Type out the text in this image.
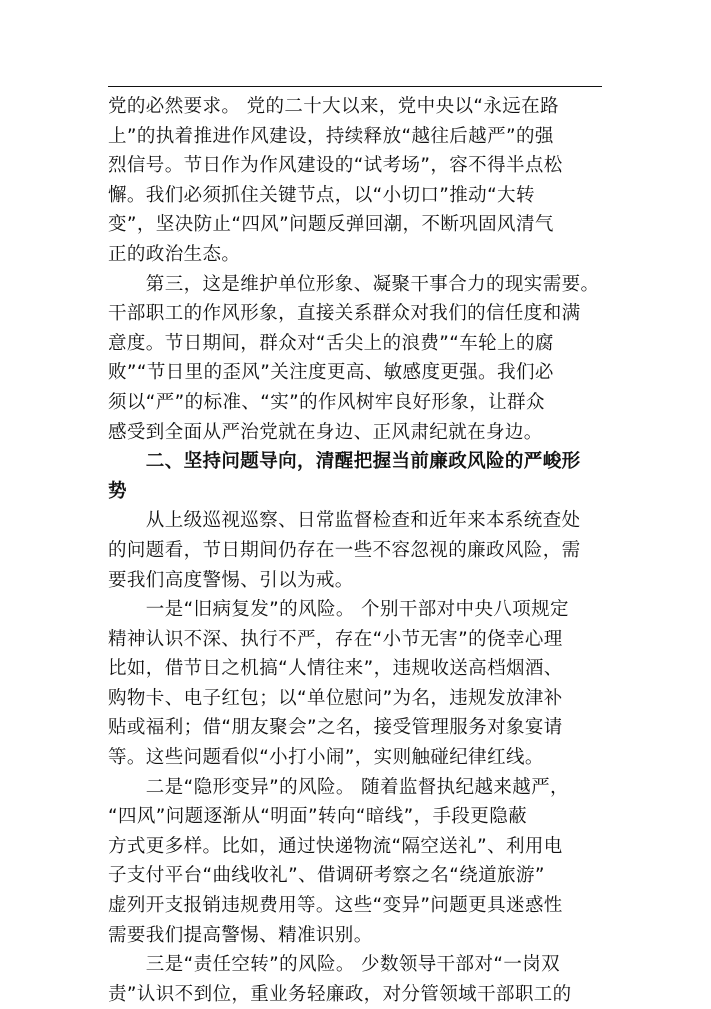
党的必然要求。 党的二十大以来，党中央以“永远在路
上”的执着推进作风建设，持续释放“越往后越严”的强
烈信号。节日作为作风建设的“试考场”，容不得半点松
懈。我们必须抓住关键节点，以“小切口”推动“大转
变”，坚决防止“四风”问题反弹回潮，不断巩固风清气
正的政治生态。
　　第三，这是维护单位形象、凝聚干事合力的现实需要。
干部职工的作风形象，直接关系群众对我们的信任度和满
意度。节日期间，群众对“舌尖上的浪费”“车轮上的腐
败”“节日里的歪风”关注度更高、敏感度更强。我们必
须以“严”的标准、“实”的作风树牢良好形象，让群众
感受到全面从严治党就在身边、正风肃纪就在身边。
　　二、坚持问题导向，清醒把握当前廉政风险的严峻形
势
　　从上级巡视巡察、日常监督检查和近年来本系统查处
的问题看，节日期间仍存在一些不容忽视的廉政风险，需
要我们高度警惕、引以为戒。
　　一是“旧病复发”的风险。 个别干部对中央八项规定
精神认识不深、执行不严，存在“小节无害”的侥幸心理
比如，借节日之机搞“人情往来”，违规收送高档烟酒、
购物卡、电子红包；以“单位慰问”为名，违规发放津补
贴或福利；借“朋友聚会”之名，接受管理服务对象宴请
等。这些问题看似“小打小闹”，实则触碰纪律红线。
　　二是“隐形变异”的风险。 随着监督执纪越来越严，
“四风”问题逐渐从“明面”转向“暗线”，手段更隐蔽
方式更多样。比如，通过快递物流“隔空送礼”、利用电
子支付平台“曲线收礼”、借调研考察之名“绕道旅游”
虚列开支报销违规费用等。这些“变异”问题更具迷惑性
需要我们提高警惕、精准识别。
　　三是“责任空转”的风险。 少数领导干部对“一岗双
责”认识不到位，重业务轻廉政，对分管领域干部职工的
